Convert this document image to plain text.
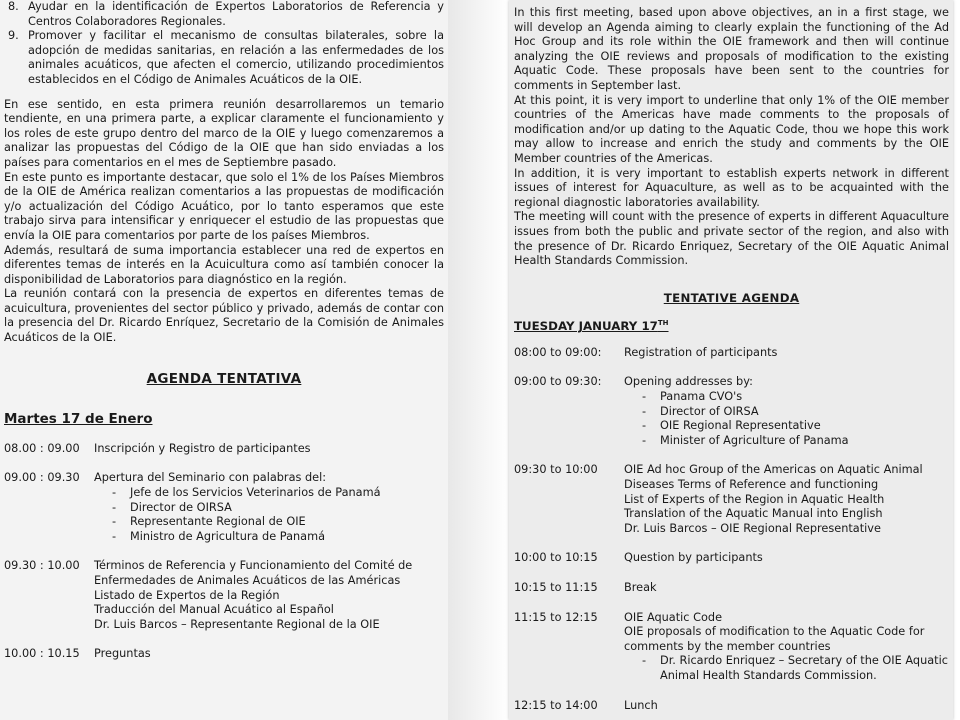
8. Ayudar en la identificación de Expertos Laboratorios de Referencia y Centros Colaboradores Regionales.
9. Promover y facilitar el mecanismo de consultas bilaterales, sobre la adopción de medidas sanitarias, en relación a las enfermedades de los animales acuáticos, que afecten el comercio, utilizando procedimientos establecidos en el Código de Animales Acuáticos de la OIE.

En ese sentido, en esta primera reunión desarrollaremos un temario tendiente, en una primera parte, a explicar claramente el funcionamiento y los roles de este grupo dentro del marco de la OIE y luego comenzaremos a analizar las propuestas del Código de la OIE que han sido enviadas a los países para comentarios en el mes de Septiembre pasado.

En este punto es importante destacar, que solo el 1% de los Países Miembros de la OIE de América realizan comentarios a las propuestas de modificación y/o actualización del Código Acuático, por lo tanto esperamos que este trabajo sirva para intensificar y enriquecer el estudio de las propuestas que envía la OIE para comentarios por parte de los países Miembros.

Además, resultará de suma importancia establecer una red de expertos en diferentes temas de interés en la Acuicultura como así también conocer la disponibilidad de Laboratorios para diagnóstico en la región.

La reunión contará con la presencia de expertos en diferentes temas de acuicultura, provenientes del sector público y privado, además de contar con la presencia del Dr. Ricardo Enríquez, Secretario de la Comisión de Animales Acuáticos de la OIE.

AGENDA TENTATIVA
Martes 17 de Enero
08.00 : 09.00	Inscripción y Registro de participantes
09.00 : 09.30	Apertura del Seminario con palabras del:
-	Jefe de los Servicios Veterinarios de Panamá
-	Director de OIRSA
-	Representante Regional de OIE
-	Ministro de Agricultura de Panamá
09.30 : 10.00	Términos de Referencia y Funcionamiento del Comité de Enfermedades de Animales Acuáticos de las Américas
Listado de Expertos de la Región
Traducción del Manual Acuático al Español
Dr. Luis Barcos – Representante Regional de la OIE
10.00 : 10.15	Preguntas

In this first meeting, based upon above objectives, an in a first stage, we will develop an Agenda aiming to clearly explain the functioning of the Ad Hoc Group and its role within the OIE framework and then will continue analyzing the OIE reviews and proposals of modification to the existing Aquatic Code. These proposals have been sent to the countries for comments in September last.

At this point, it is very import to underline that only 1% of the OIE member countries of the Americas have made comments to the proposals of modification and/or up dating to the Aquatic Code, thou we hope this work may allow to increase and enrich the study and comments by the OIE Member countries of the Americas.

In addition, it is very important to establish experts network in different issues of interest for Aquaculture, as well as to be acquainted with the regional diagnostic laboratories availability.

The meeting will count with the presence of experts in different Aquaculture issues from both the public and private sector of the region, and also with the presence of Dr. Ricardo Enriquez, Secretary of the OIE Aquatic Animal Health Standards Commission.

TENTATIVE AGENDA
TUESDAY JANUARY 17TH
08:00 to 09:00:	Registration of participants
09:00 to 09:30:	Opening addresses by:
-	Panama CVO's
-	Director of OIRSA
-	OIE Regional Representative
-	Minister of Agriculture of Panama
09:30 to 10:00	OIE Ad hoc Group of the Americas on Aquatic Animal Diseases Terms of Reference and functioning
List of Experts of the Region in Aquatic Health
Translation of the Aquatic Manual into English
Dr. Luis Barcos – OIE Regional Representative
10:00 to 10:15	Question by participants
10:15 to 11:15	Break
11:15 to 12:15	OIE Aquatic Code
OIE proposals of modification to the Aquatic Code for comments by the member countries
-	Dr. Ricardo Enriquez – Secretary of the OIE Aquatic Animal Health Standards Commission.
12:15 to 14:00	Lunch
